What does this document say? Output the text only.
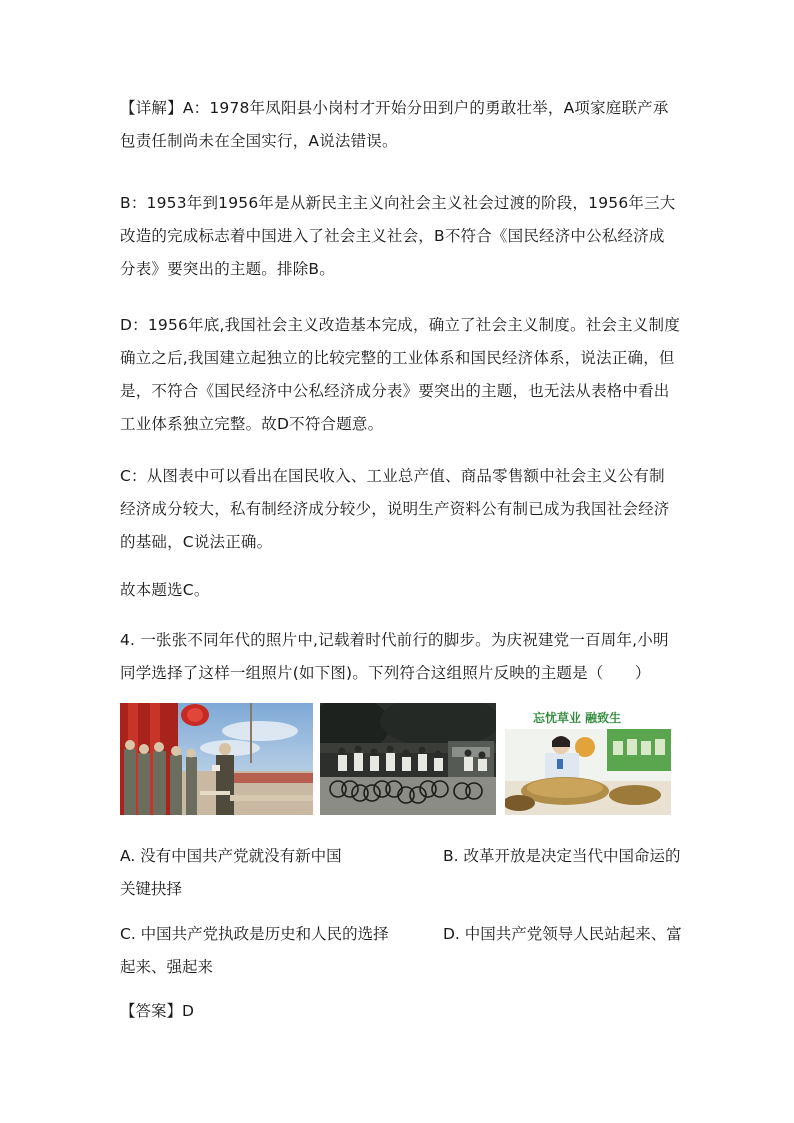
【详解】A：1978年凤阳县小岗村才开始分田到户的勇敢壮举，A项家庭联产承包责任制尚未在全国实行，A说法错误。

B：1953年到1956年是从新民主主义向社会主义社会过渡的阶段，1956年三大改造的完成标志着中国进入了社会主义社会，B不符合《国民经济中公私经济成分表》要突出的主题。排除B。

D：1956年底,我国社会主义改造基本完成，确立了社会主义制度。社会主义制度确立之后,我国建立起独立的比较完整的工业体系和国民经济体系，说法正确，但是，不符合《国民经济中公私经济成分表》要突出的主题，也无法从表格中看出工业体系独立完整。故D不符合题意。

C：从图表中可以看出在国民收入、工业总产值、商品零售额中社会主义公有制经济成分较大，私有制经济成分较少，说明生产资料公有制已成为我国社会经济的基础，C说法正确。

故本题选C。

4. 一张张不同年代的照片中,记载着时代前行的脚步。为庆祝建党一百周年,小明同学选择了这样一组照片(如下图)。下列符合这组照片反映的主题是（　　）

忘忧草业 融致生

A. 没有中国共产党就没有新中国	B. 改革开放是决定当代中国命运的

关键抉择

C. 中国共产党执政是历史和人民的选择	D. 中国共产党领导人民站起来、富

起来、强起来

【答案】D
